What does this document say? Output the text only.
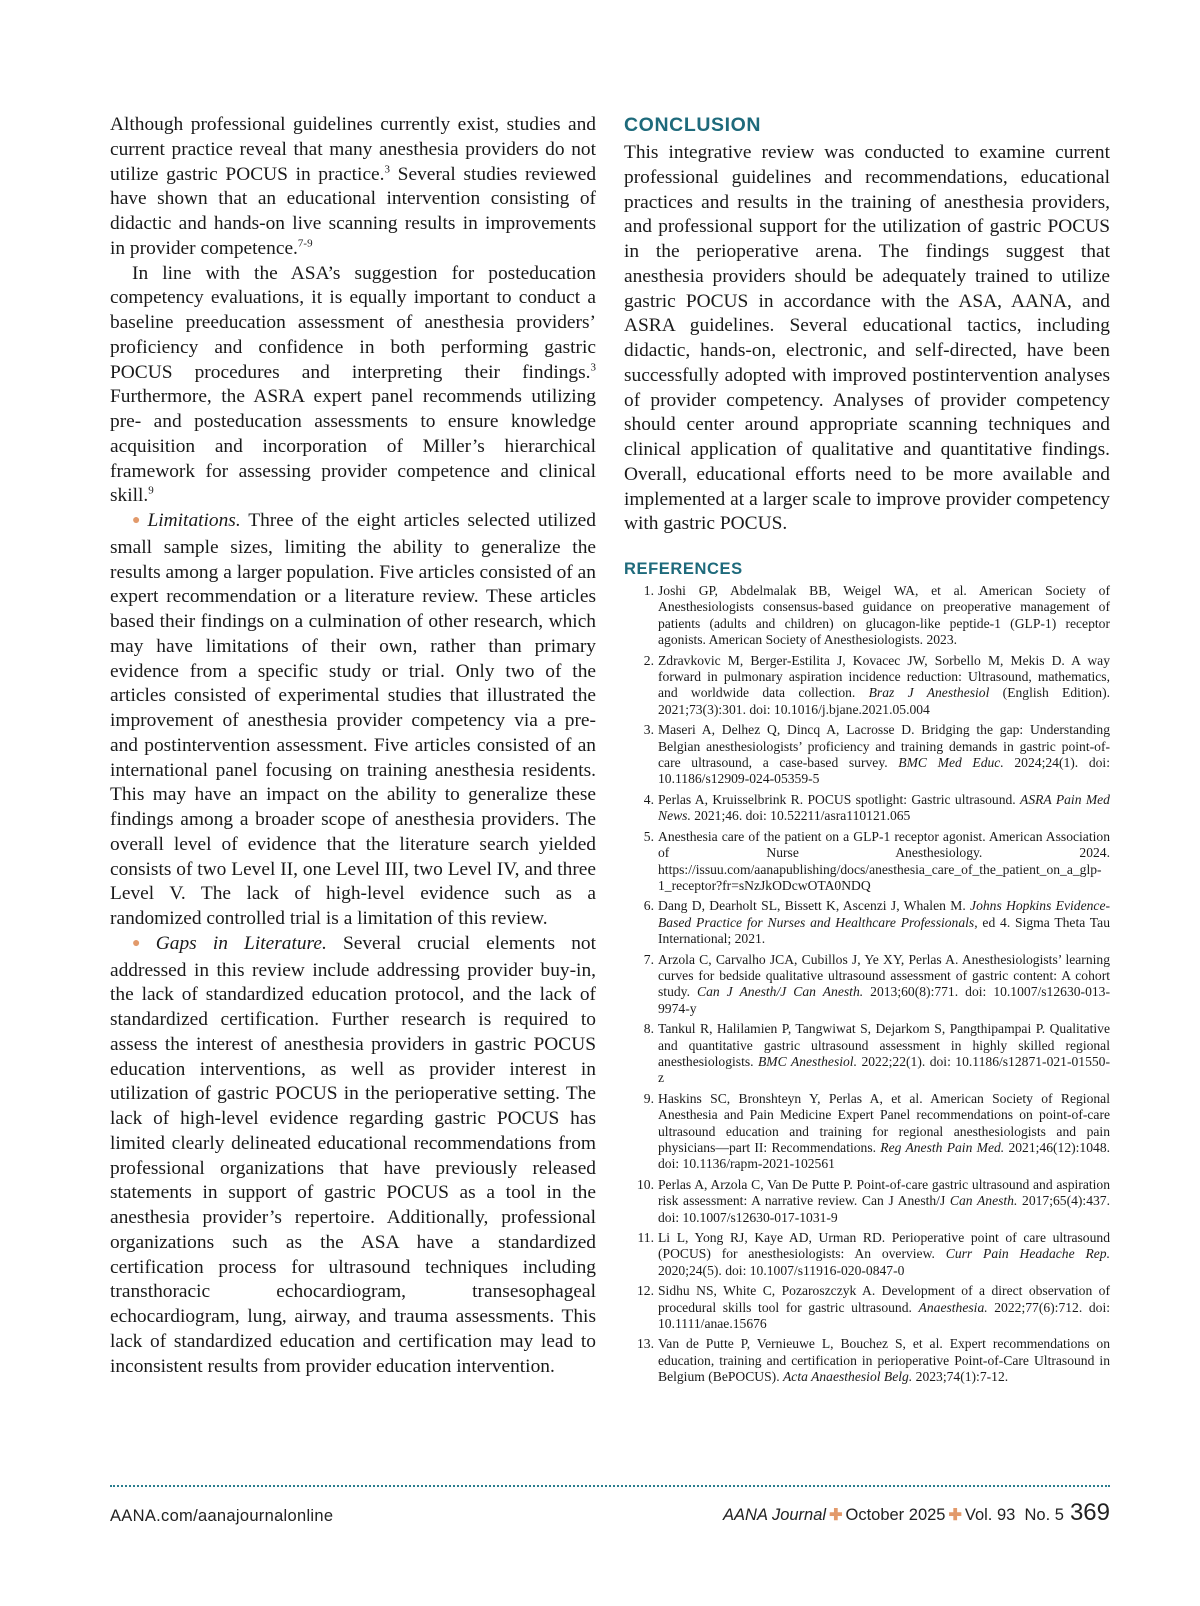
Although professional guidelines currently exist, studies and current practice reveal that many anesthesia providers do not utilize gastric POCUS in practice.$^3$ Several studies reviewed have shown that an educational intervention consisting of didactic and hands-on live scanning results in improvements in provider competence.$^{7-9}$

In line with the ASA’s suggestion for posteducation competency evaluations, it is equally important to conduct a baseline preeducation assessment of anesthesia providers’ proficiency and confidence in both performing gastric POCUS procedures and interpreting their findings.$^3$ Furthermore, the ASRA expert panel recommends utilizing pre- and posteducation assessments to ensure knowledge acquisition and incorporation of Miller’s hierarchical framework for assessing provider competence and clinical skill.$^9$

● Limitations. Three of the eight articles selected utilized small sample sizes, limiting the ability to generalize the results among a larger population. Five articles consisted of an expert recommendation or a literature review. These articles based their findings on a culmination of other research, which may have limitations of their own, rather than primary evidence from a specific study or trial. Only two of the articles consisted of experimental studies that illustrated the improvement of anesthesia provider competency via a pre- and postintervention assessment. Five articles consisted of an international panel focusing on training anesthesia residents. This may have an impact on the ability to generalize these findings among a broader scope of anesthesia providers. The overall level of evidence that the literature search yielded consists of two Level II, one Level III, two Level IV, and three Level V. The lack of high-level evidence such as a randomized controlled trial is a limitation of this review.

● Gaps in Literature. Several crucial elements not addressed in this review include addressing provider buy-in, the lack of standardized education protocol, and the lack of standardized certification. Further research is required to assess the interest of anesthesia providers in gastric POCUS education interventions, as well as provider interest in utilization of gastric POCUS in the perioperative setting. The lack of high-level evidence regarding gastric POCUS has limited clearly delineated educational recommendations from professional organizations that have previously released statements in support of gastric POCUS as a tool in the anesthesia provider’s repertoire. Additionally, professional organizations such as the ASA have a standardized certification process for ultrasound techniques including transthoracic echocardiogram, transesophageal echocardiogram, lung, airway, and trauma assessments. This lack of standardized education and certification may lead to inconsistent results from provider education intervention.

CONCLUSION

This integrative review was conducted to examine current professional guidelines and recommendations, educational practices and results in the training of anesthesia providers, and professional support for the utilization of gastric POCUS in the perioperative arena. The findings suggest that anesthesia providers should be adequately trained to utilize gastric POCUS in accordance with the ASA, AANA, and ASRA guidelines. Several educational tactics, including didactic, hands-on, electronic, and self-directed, have been successfully adopted with improved postintervention analyses of provider competency. Analyses of provider competency should center around appropriate scanning techniques and clinical application of qualitative and quantitative findings. Overall, educational efforts need to be more available and implemented at a larger scale to improve provider competency with gastric POCUS.

REFERENCES
1 . Joshi GP, Abdelmalak BB, Weigel WA, et al. American Society of Anesthesiologists consensus-based guidance on preoperative management of patients (adults and children) on glucagon-like peptide-1 (GLP-1) receptor agonists. American Society of Anesthesiologists. 2023.
2 . Zdravkovic M, Berger-Estilita J, Kovacec JW, Sorbello M, Mekis D. A way forward in pulmonary aspiration incidence reduction: Ultrasound, mathematics, and worldwide data collection. Braz J Anesthesiol (English Edition). 2021;73(3):301. doi: 10.1016/j.bjane.2021.05.004
3 . Maseri A, Delhez Q, Dincq A, Lacrosse D. Bridging the gap: Understanding Belgian anesthesiologists’ proficiency and training demands in gastric point-of-care ultrasound, a case-based survey. BMC Med Educ. 2024;24(1). doi: 10.1186/s12909-024-05359-5
4 . Perlas A, Kruisselbrink R. POCUS spotlight: Gastric ultrasound. ASRA Pain Med News. 2021;46. doi: 10.52211/asra110121.065
5 . Anesthesia care of the patient on a GLP-1 receptor agonist. American Association of Nurse Anesthesiology. 2024. https://issuu.com/aanapublishing/docs/anesthesia_care_of_the_patient_on_a_glp-1_receptor?fr=sNzJkODcwOTA0NDQ
6 . Dang D, Dearholt SL, Bissett K, Ascenzi J, Whalen M. Johns Hopkins Evidence-Based Practice for Nurses and Healthcare Professionals, ed 4. Sigma Theta Tau International; 2021.
7 . Arzola C, Carvalho JCA, Cubillos J, Ye XY, Perlas A. Anesthesiologists’ learning curves for bedside qualitative ultrasound assessment of gastric content: A cohort study. Can J Anesth/J Can Anesth. 2013;60(8):771. doi: 10.1007/s12630-013-9974-y
8 . Tankul R, Halilamien P, Tangwiwat S, Dejarkom S, Pangthipampai P. Qualitative and quantitative gastric ultrasound assessment in highly skilled regional anesthesiologists. BMC Anesthesiol. 2022;22(1). doi: 10.1186/s12871-021-01550-z
9 . Haskins SC, Bronshteyn Y, Perlas A, et al. American Society of Regional Anesthesia and Pain Medicine Expert Panel recommendations on point-of-care ultrasound education and training for regional anesthesiologists and pain physicians—part II: Recommendations. Reg Anesth Pain Med. 2021;46(12):1048. doi: 10.1136/rapm-2021-102561
10 . Perlas A, Arzola C, Van De Putte P. Point-of-care gastric ultrasound and aspiration risk assessment: A narrative review. Can J Anesth/J Can Anesth. 2017;65(4):437. doi: 10.1007/s12630-017-1031-9
11 . Li L, Yong RJ, Kaye AD, Urman RD. Perioperative point of care ultrasound (POCUS) for anesthesiologists: An overview. Curr Pain Headache Rep. 2020;24(5). doi: 10.1007/s11916-020-0847-0
12 . Sidhu NS, White C, Pozaroszczyk A. Development of a direct observation of procedural skills tool for gastric ultrasound. Anaesthesia. 2022;77(6):712. doi: 10.1111/anae.15676
13 . Van de Putte P, Vernieuwe L, Bouchez S, et al. Expert recommendations on education, training and certification in perioperative Point-of-Care Ultrasound in Belgium (BePOCUS). Acta Anaesthesiol Belg. 2023;74(1):7-12.
AANA.com/aanajournalonline	AANA Journal ✚ October 2025 ✚ Vol. 93  No. 5 369
